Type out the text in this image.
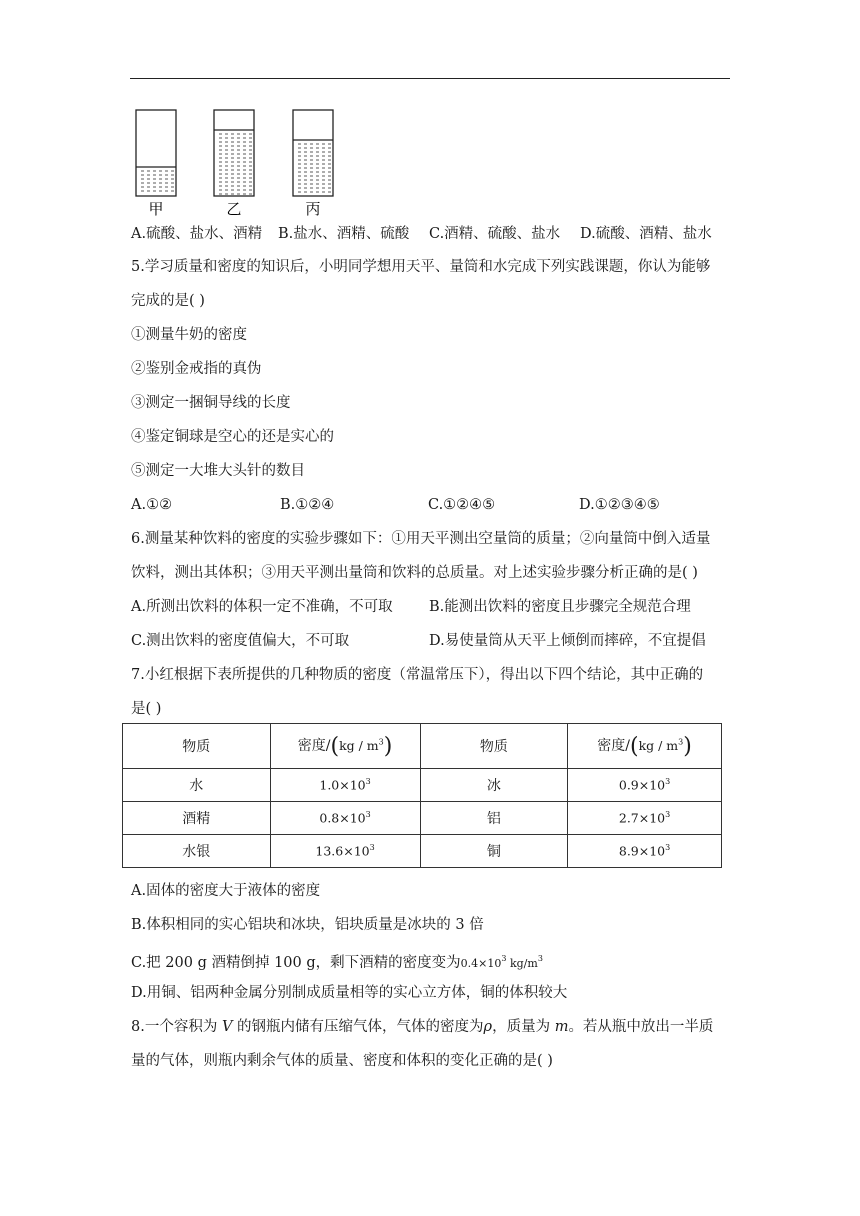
甲	乙	丙
A.硫酸、盐水、酒精 B.盐水、酒精、硫酸 C.酒精、硫酸、盐水 D.硫酸、酒精、盐水
5.学习质量和密度的知识后，小明同学想用天平、量筒和水完成下列实践课题，你认为能够
完成的是( )
①测量牛奶的密度
②鉴别金戒指的真伪
③测定一捆铜导线的长度
④鉴定铜球是空心的还是实心的
⑤测定一大堆大头针的数目
A.①②	B.①②④	C.①②④⑤	D.①②③④⑤
6.测量某种饮料的密度的实验步骤如下：①用天平测出空量筒的质量；②向量筒中倒入适量
饮料，测出其体积；③用天平测出量筒和饮料的总质量。对上述实验步骤分析正确的是( )
A.所测出饮料的体积一定不准确，不可取	B.能测出饮料的密度且步骤完全规范合理
C.测出饮料的密度值偏大，不可取	D.易使量筒从天平上倾倒而摔碎，不宜提倡
7.小红根据下表所提供的几种物质的密度（常温常压下），得出以下四个结论，其中正确的
是( )
物质	密度$/(kg / m^3)$	物质	密度$/(kg / m^3)$
水	$1.0\times 10^3$	冰	$0.9\times 10^3$
酒精	$0.8\times 10^3$	铝	$2.7\times 10^3$
水银	$13.6\times 10^3$	铜	$8.9\times 10^3$
A.固体的密度大于液体的密度
B.体积相同的实心铝块和冰块，铝块质量是冰块的 3 倍
C.把 200 g 酒精倒掉 100 g，剩下酒精的密度变为$0.4\times 10^3$ $kg/m^3$
D.用铜、铝两种金属分别制成质量相等的实心立方体，铜的体积较大
8.一个容积为 V 的钢瓶内储有压缩气体，气体的密度为ρ，质量为 m。若从瓶中放出一半质
量的气体，则瓶内剩余气体的质量、密度和体积的变化正确的是( )
